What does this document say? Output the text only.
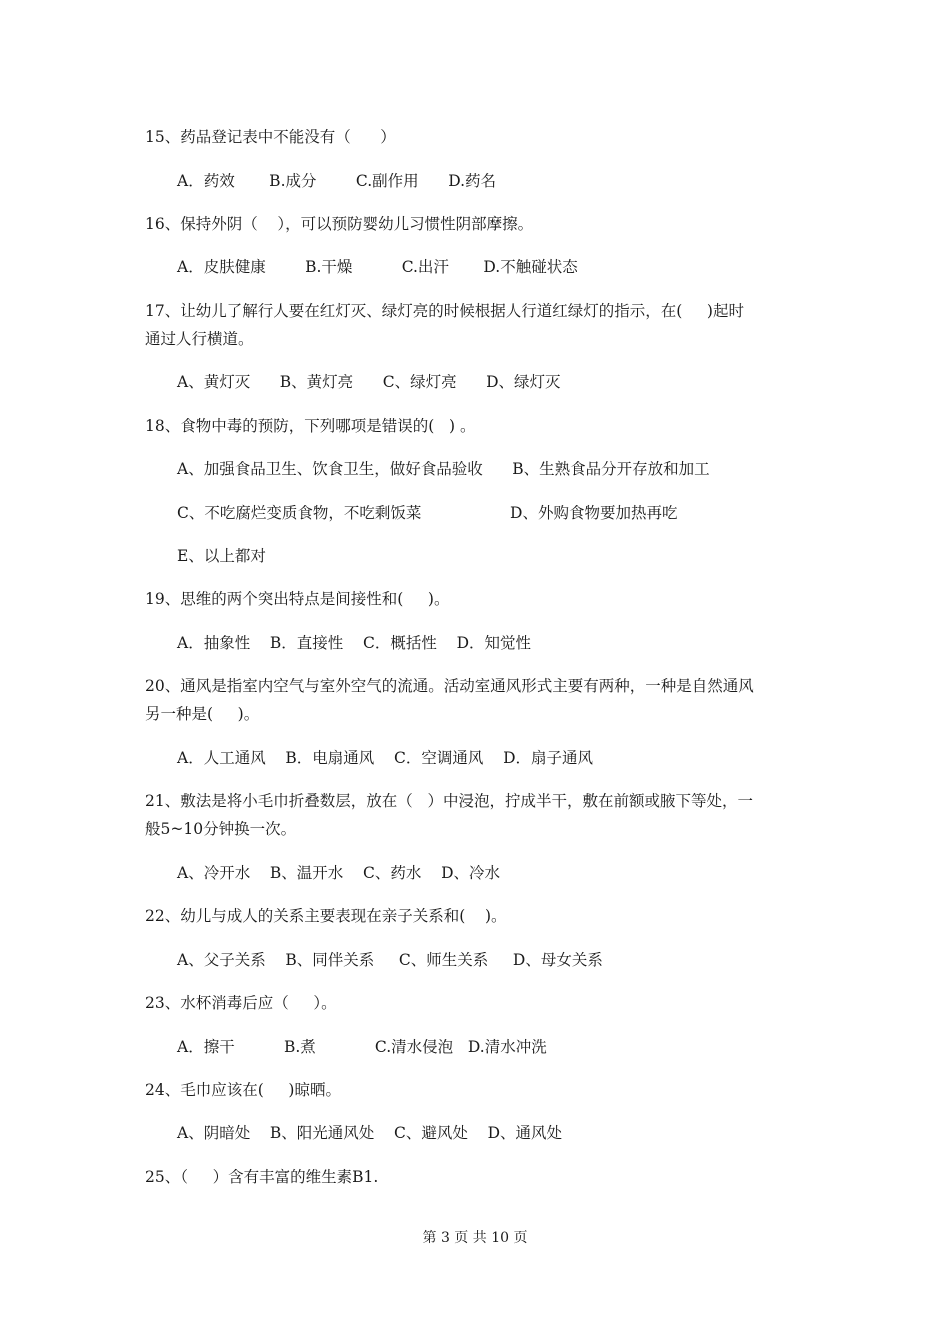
15、药品登记表中不能没有（      ）
A．药效       B.成分        C.副作用      D.药名
16、保持外阴（    ），可以预防婴幼儿习惯性阴部摩擦。
A．皮肤健康        B.干燥          C.出汗       D.不触碰状态
17、让幼儿了解行人要在红灯灭、绿灯亮的时候根据人行道红绿灯的指示，在(     )起时
通过人行横道。
A、黄灯灭      B、黄灯亮      C、绿灯亮      D、绿灯灭
18、食物中毒的预防，下列哪项是错误的(   ) 。
A、加强食品卫生、饮食卫生，做好食品验收      B、生熟食品分开存放和加工
C、不吃腐烂变质食物，不吃剩饭菜                  D、外购食物要加热再吃
E、以上都对
19、思维的两个突出特点是间接性和(     )。
A．抽象性    B．直接性    C．概括性    D．知觉性
20、通风是指室内空气与室外空气的流通。活动室通风形式主要有两种，一种是自然通风
另一种是(     )。
A．人工通风    B．电扇通风    C．空调通风    D．扇子通风
21、敷法是将小毛巾折叠数层，放在（   ）中浸泡，拧成半干，敷在前额或腋下等处，一
般5~10分钟换一次。
A、冷开水    B、温开水    C、药水    D、冷水
22、幼儿与成人的关系主要表现在亲子关系和(    )。
A、父子关系    B、同伴关系     C、师生关系     D、母女关系
23、水杯消毒后应（     ）。
A．擦干          B.煮            C.清水侵泡   D.清水冲洗
24、毛巾应该在(     )晾晒。
A、阴暗处    B、阳光通风处    C、避风处    D、通风处
25、（     ）含有丰富的维生素B1.
第 3 页 共 10 页
